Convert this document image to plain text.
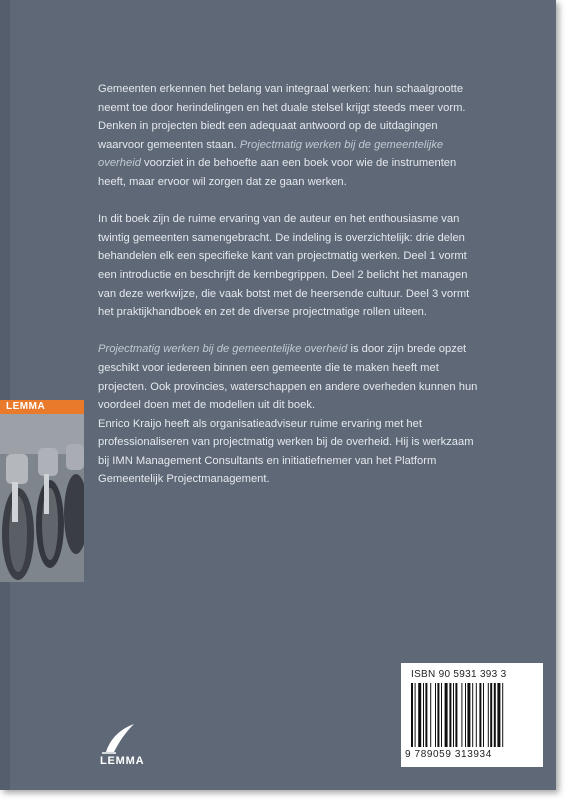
LEMMA

Gemeenten erkennen het belang van integraal werken: hun schaalgrootte neemt toe door herindelingen en het duale stelsel krijgt steeds meer vorm. Denken in projecten biedt een adequaat antwoord op de uitdagingen waarvoor gemeenten staan. Projectmatig werken bij de gemeentelijke overheid voorziet in de behoefte aan een boek voor wie de instrumenten heeft, maar ervoor wil zorgen dat ze gaan werken.

In dit boek zijn de ruime ervaring van de auteur en het enthousiasme van twintig gemeenten samengebracht. De indeling is overzichtelijk: drie delen behandelen elk een specifieke kant van projectmatig werken. Deel 1 vormt een introductie en beschrijft de kernbegrippen. Deel 2 belicht het managen van deze werkwijze, die vaak botst met de heersende cultuur. Deel 3 vormt het praktijkhandboek en zet de diverse projectmatige rollen uiteen.

Projectmatig werken bij de gemeentelijke overheid is door zijn brede opzet geschikt voor iedereen binnen een gemeente die te maken heeft met projecten. Ook provincies, waterschappen en andere overheden kunnen hun voordeel doen met de modellen uit dit boek.

Enrico Kraijo heeft als organisatieadviseur ruime ervaring met het professionaliseren van projectmatig werken bij de overheid. Hij is werkzaam bij IMN Management Consultants en initiatiefnemer van het Platform Gemeentelijk Projectmanagement.

ISBN 90 5931 393 3
9 789059 313934
LEMMA
